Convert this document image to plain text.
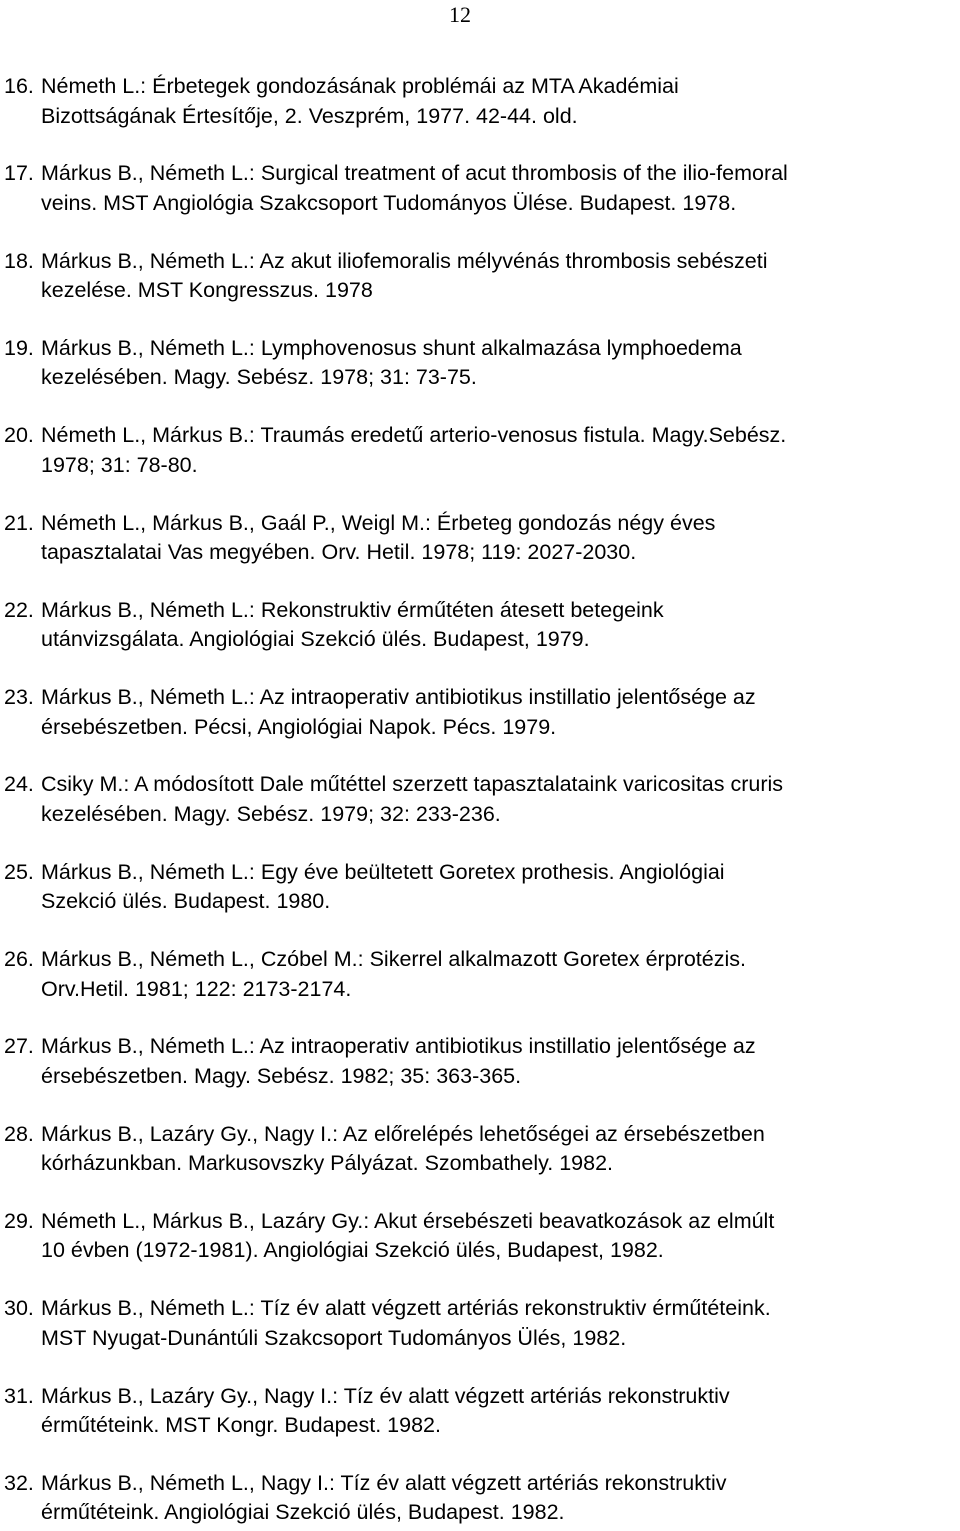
12
16. Németh L.: Érbetegek gondozásának problémái az MTA Akadémiai
Bizottságának Értesítője, 2. Veszprém, 1977. 42-44. old.
17. Márkus B., Németh L.: Surgical treatment of acut thrombosis of the ilio-femoral
veins. MST Angiológia Szakcsoport Tudományos Ülése. Budapest. 1978.
18. Márkus B., Németh L.: Az akut iliofemoralis mélyvénás thrombosis sebészeti
kezelése. MST Kongresszus. 1978
19. Márkus B., Németh L.: Lymphovenosus shunt alkalmazása lymphoedema
kezelésében. Magy. Sebész. 1978; 31: 73-75.
20. Németh L., Márkus B.: Traumás eredetű arterio-venosus fistula. Magy.Sebész.
1978; 31: 78-80.
21. Németh L., Márkus B., Gaál P., Weigl M.: Érbeteg gondozás négy éves
tapasztalatai Vas megyében. Orv. Hetil. 1978; 119: 2027-2030.
22. Márkus B., Németh L.: Rekonstruktiv érműtéten átesett betegeink
utánvizsgálata. Angiológiai Szekció ülés. Budapest, 1979.
23. Márkus B., Németh L.: Az intraoperativ antibiotikus instillatio jelentősége az
érsebészetben. Pécsi, Angiológiai Napok. Pécs. 1979.
24. Csiky M.: A módosított Dale műtéttel szerzett tapasztalataink varicositas cruris
kezelésében. Magy. Sebész. 1979; 32: 233-236.
25. Márkus B., Németh L.: Egy éve beültetett Goretex prothesis. Angiológiai
Szekció ülés. Budapest. 1980.
26. Márkus B., Németh L., Czóbel M.: Sikerrel alkalmazott Goretex érprotézis.
Orv.Hetil. 1981; 122: 2173-2174.
27. Márkus B., Németh L.: Az intraoperativ antibiotikus instillatio jelentősége az
érsebészetben. Magy. Sebész. 1982; 35: 363-365.
28. Márkus B., Lazáry Gy., Nagy I.: Az előrelépés lehetőségei az érsebészetben
kórházunkban. Markusovszky Pályázat. Szombathely. 1982.
29. Németh L., Márkus B., Lazáry Gy.: Akut érsebészeti beavatkozások az elmúlt
10 évben (1972-1981). Angiológiai Szekció ülés, Budapest, 1982.
30. Márkus B., Németh L.: Tíz év alatt végzett artériás rekonstruktiv érműtéteink.
MST Nyugat-Dunántúli Szakcsoport Tudományos Ülés, 1982.
31. Márkus B., Lazáry Gy., Nagy I.: Tíz év alatt végzett artériás rekonstruktiv
érműtéteink. MST Kongr. Budapest. 1982.
32. Márkus B., Németh L., Nagy I.: Tíz év alatt végzett artériás rekonstruktiv
érműtéteink. Angiológiai Szekció ülés, Budapest. 1982.
